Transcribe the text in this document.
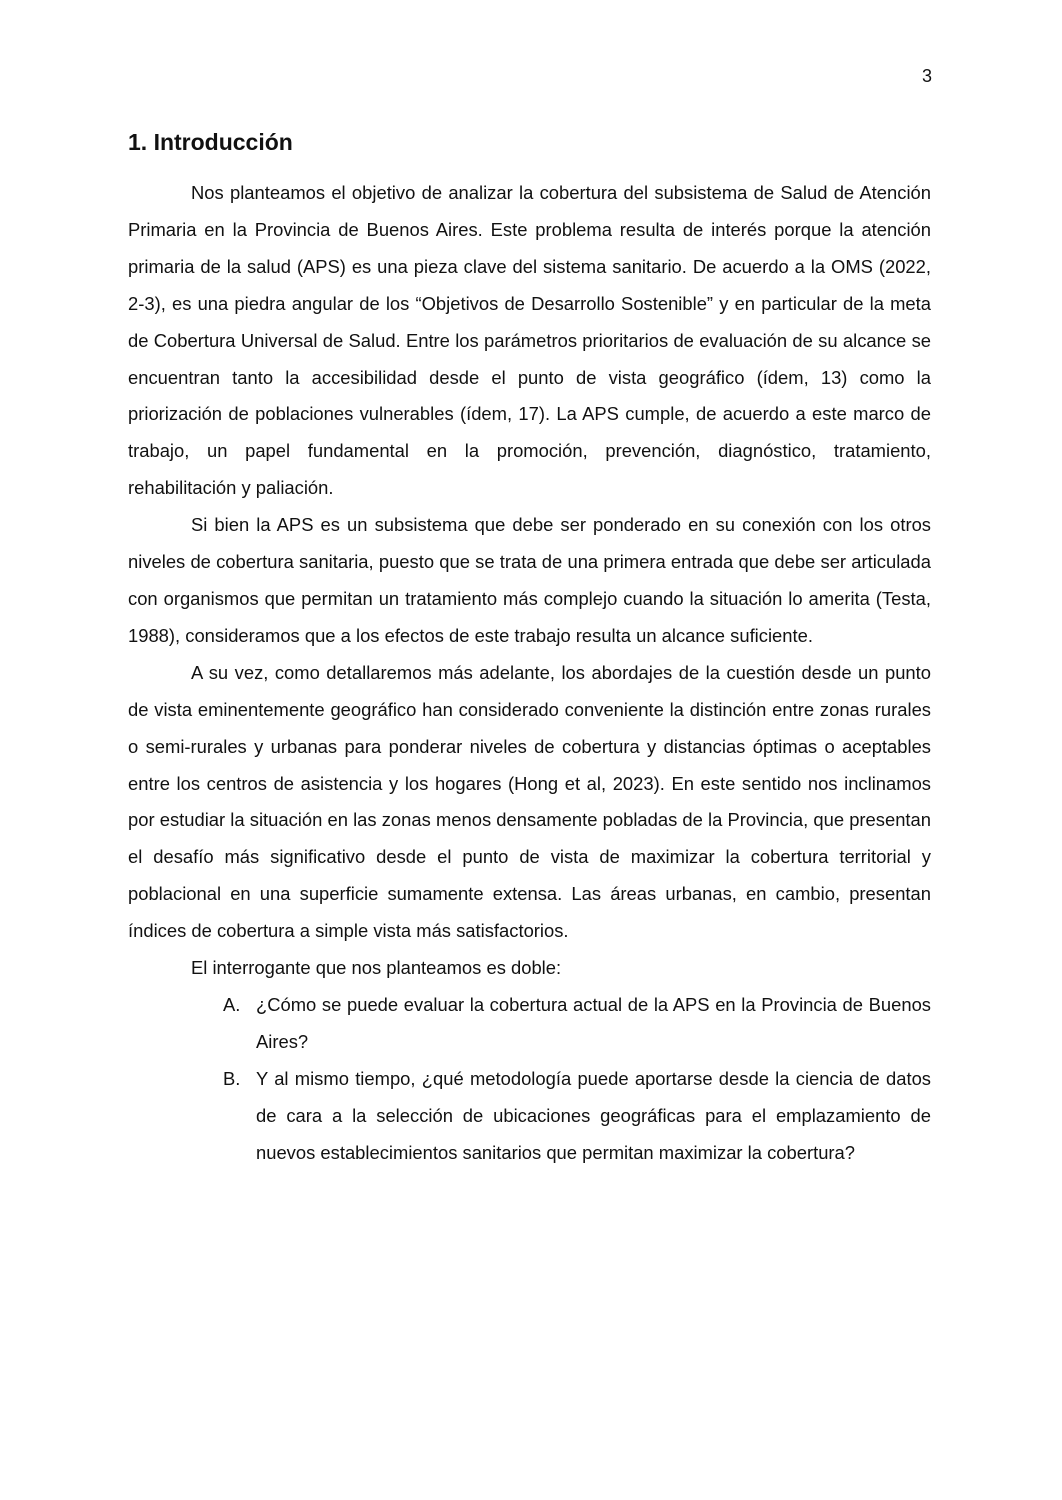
3
1. Introducción

Nos planteamos el objetivo de analizar la cobertura del subsistema de Salud de Atención Primaria en la Provincia de Buenos Aires. Este problema resulta de interés porque la atención primaria de la salud (APS) es una pieza clave del sistema sanitario. De acuerdo a la OMS (2022, 2-3), es una piedra angular de los “Objetivos de Desarrollo Sostenible” y en particular de la meta de Cobertura Universal de Salud. Entre los parámetros prioritarios de evaluación de su alcance se encuentran tanto la accesibilidad desde el punto de vista geográfico (ídem, 13) como la priorización de poblaciones vulnerables (ídem, 17). La APS cumple, de acuerdo a este marco de trabajo, un papel fundamental en la promoción, prevención, diagnóstico, tratamiento, rehabilitación y paliación.

Si bien la APS es un subsistema que debe ser ponderado en su conexión con los otros niveles de cobertura sanitaria, puesto que se trata de una primera entrada que debe ser articulada con organismos que permitan un tratamiento más complejo cuando la situación lo amerita (Testa, 1988), consideramos que a los efectos de este trabajo resulta un alcance suficiente.

A su vez, como detallaremos más adelante, los abordajes de la cuestión desde un punto de vista eminentemente geográfico han considerado conveniente la distinción entre zonas rurales o semi-rurales y urbanas para ponderar niveles de cobertura y distancias óptimas o aceptables entre los centros de asistencia y los hogares (Hong et al, 2023). En este sentido nos inclinamos por estudiar la situación en las zonas menos densamente pobladas de la Provincia, que presentan el desafío más significativo desde el punto de vista de maximizar la cobertura territorial y poblacional en una superficie sumamente extensa. Las áreas urbanas, en cambio, presentan índices de cobertura a simple vista más satisfactorios.

El interrogante que nos planteamos es doble:

A. ¿Cómo se puede evaluar la cobertura actual de la APS en la Provincia de Buenos Aires?
B. Y al mismo tiempo, ¿qué metodología puede aportarse desde la ciencia de datos de cara a la selección de ubicaciones geográficas para el emplazamiento de nuevos establecimientos sanitarios que permitan maximizar la cobertura?
